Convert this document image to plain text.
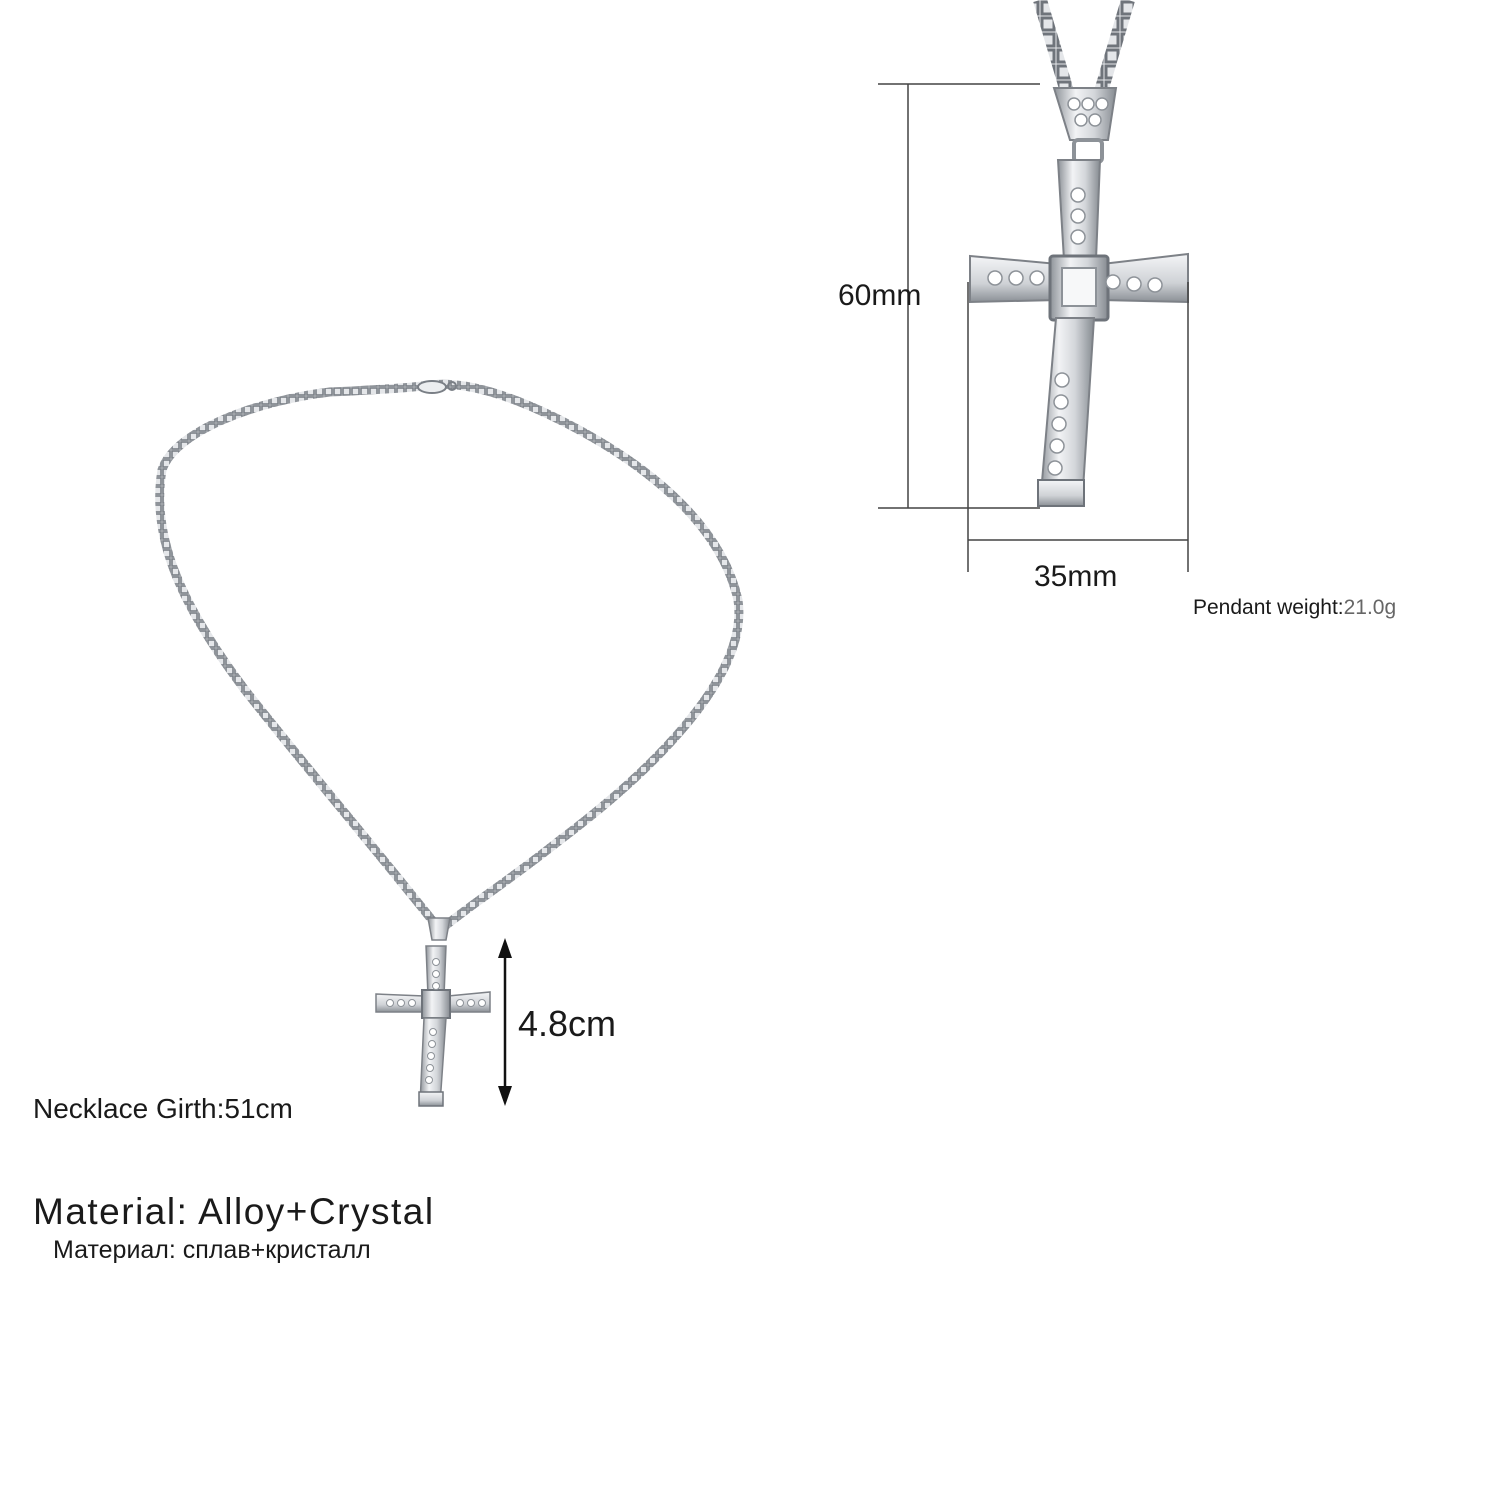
60mm
35mm
Pendant weight:21.0g
4.8cm
Necklace Girth:51cm
Material: Alloy+Crystal
Материал: сплав+кристалл
